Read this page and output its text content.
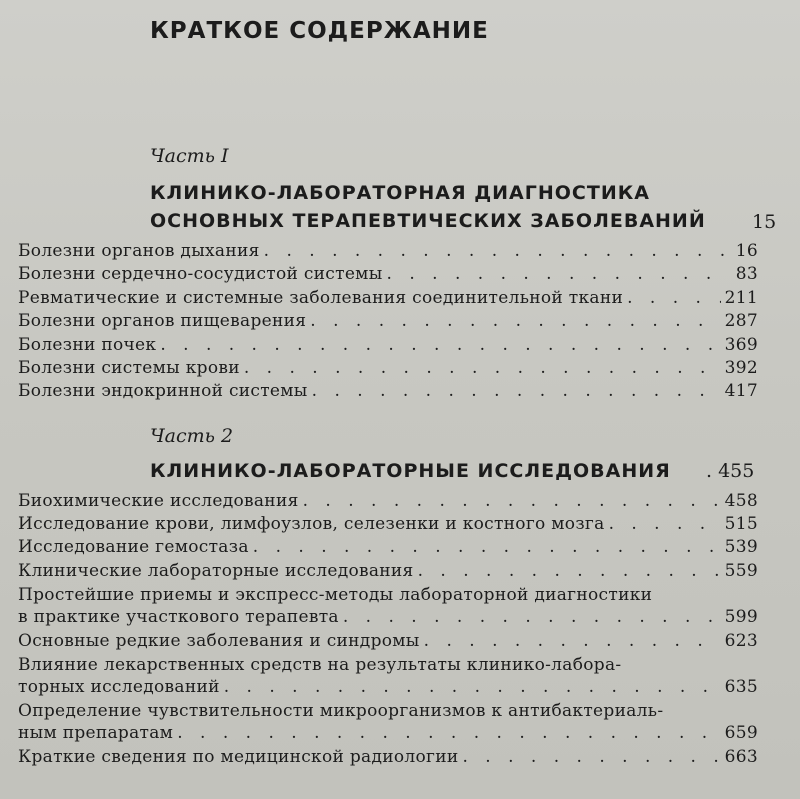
КРАТКОЕ СОДЕРЖАНИЕ
Часть I
КЛИНИКО-ЛАБОРАТОРНАЯ ДИАГНОСТИКА
ОСНОВНЫХ ТЕРАПЕВТИЧЕСКИХ ЗАБОЛЕВАНИЙ 15
Болезни органов дыхания . . .	16
Болезни сердечно-сосудистой системы . . .	83
Ревматические и системные заболевания соединительной ткани . . .	211
Болезни органов пищеварения . . .	287
Болезни почек . . .	369
Болезни системы крови . . .	392
Болезни эндокринной системы . . .	417
Часть 2
КЛИНИКО-ЛАБОРАТОРНЫЕ ИССЛЕДОВАНИЯ . 455
Биохимические исследования . . .	458
Исследование крови, лимфоузлов, селезенки и костного мозга . . .	515
Исследование гемостаза . . .	539
Клинические лабораторные исследования . . .	559
Простейшие приемы и экспресс-методы лабораторной диагностики
в практике участкового терапевта . . .	599
Основные редкие заболевания и синдромы . . .	623
Влияние лекарственных средств на результаты клинико-лабора-
торных исследований . . .	635
Определение чувствительности микроорганизмов к антибактериаль-
ным препаратам . . .	659
Краткие сведения по медицинской радиологии . . .	663
